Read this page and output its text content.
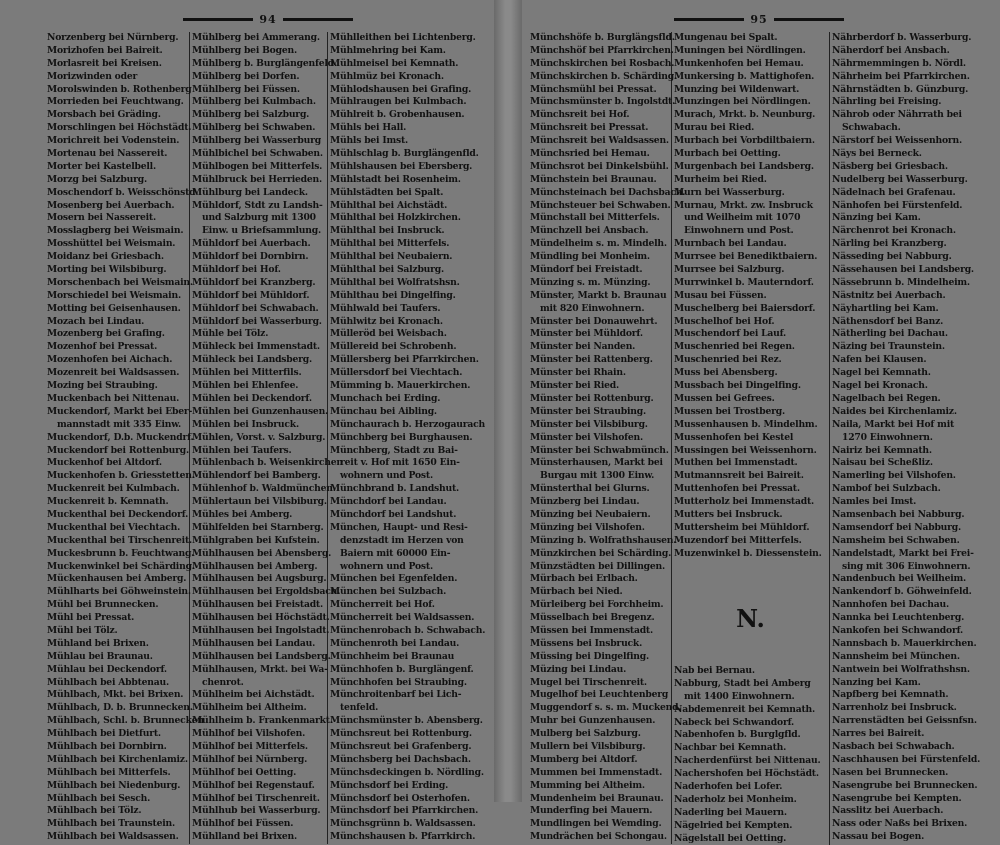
94
Norzenberg bei Nürnberg.
Morizhofen bei Baireit.
Morlasreit bei Kreisen.
Morizwinden oder
Morolswinden b. Rothenberg
Morrieden bei Feuchtwang.
Morsbach bei Gräding.
Morschlingen bei Höchstädt.
Morichreit bei Vodenstein.
Mortenau bei Nassereit.
Morter bei Kastelbell.
Morzg bei Salzburg.
Moschendorf b. Weisschönstd.
Mosenberg bei Auerbach.
Mosern bei Nassereit.
Mosslagberg bei Weismain.
Mosshüttel bei Weismain.
Moidanz bei Griesbach.
Morting bei Wilsbiburg.
Morschenbach bei Weismain.
Morschiedel bei Weismain.
Motting bei Geisenhausen.
Mozach bei Lindau.
Mozenberg bei Grafing.
Mozenhof bei Pressat.
Mozenhofen bei Aichach.
Mozenreit bei Waldsassen.
Mozing bei Straubing.
Muckenbach bei Nittenau.
Muckendorf, Markt bei Eber-
mannstadt mit 335 Einw.
Muckendorf, D.b. Muckendrf.
Muckendorf bei Rottenburg.
Muckenhof bei Altdorf.
Muckenhofen b. Griesstetten.
Muckenreit bei Kulmbach.
Muckenreit b. Kemnath.
Muckenthal bei Deckendorf.
Muckenthal bei Viechtach.
Muckenthal bei Tirschenreit.
Muckesbrunn b. Feuchtwang.
Muckenwinkel bei Schärding.
Mückenhausen bei Amberg.
Mühlharts bei Göhweinstein.
Mühl bei Brunnecken.
Mühl bei Pressat.
Mühl bei Tölz.
Mühland bei Brixen.
Mühlau bei Braunau.
Mühlau bei Deckendorf.
Mühlbach bei Abbtenau.
Mühlbach, Mkt. bei Brixen.
Mühlbach, D. b. Brunnecken.
Mühlbach, Schl. b. Brunnecken
Mühlbach bei Dietfurt.
Mühlbach bei Dornbirn.
Mühlbach bei Kirchenlamiz.
Mühlbach bei Mitterfels.
Mühlbach bei Niedenburg.
Mühlbach bei Sesch.
Mühlbach bei Tölz.
Mühlbach bei Traunstein.
Mühlbach bei Waldsassen.
Mühlberg bei Ammerang.
Mühlberg bei Bogen.
Mühlberg b. Burglängenfeld.
Mühlberg bei Dorfen.
Mühlberg bei Füssen.
Mühlberg bei Kulmbach.
Mühlberg bei Salzburg.
Mühlberg bei Schwaben.
Mühlberg bei Wasserburg
Mühlbichel bei Schwaben.
Mühlbogen bei Mitterfels.
Mühlbruck bei Herrieden.
Mühlburg bei Landeck.
Mühldorf, Stdt zu Landsh-
und Salzburg mit 1300
Einw. u Briefsammlung.
Mühldorf bei Auerbach.
Mühldorf bei Dornbirn.
Mühldorf bei Hof.
Mühldorf bei Kranzberg.
Mühldorf bei Mühldorf.
Mühldorf bei Schwabach.
Mühldorf bei Wasserburg.
Mühle bei Tölz.
Mühleck bei Immenstadt.
Mühleck bei Landsberg.
Mühlen bei Mitterfils.
Mühlen bei Ehlenfee.
Mühlen bei Deckendorf.
Mühlen bei Gunzenhausen.
Mühlen bei Insbruck.
Mühlen, Vorst. v. Salzburg.
Mühlen bei Taufers.
Mühlenbach b. Weisenkirchen
Mühlendorf bei Bamberg.
Mühlenhof b. Waldmünchen.
Mühlertaun bei Vilsbiburg.
Mühles bei Amberg.
Mühlfelden bei Starnberg.
Mühlgraben bei Kufstein.
Mühlhausen bei Abensberg.
Mühlhausen bei Amberg.
Mühlhausen bei Augsburg.
Mühlhausen bei Ergoldsbach.
Mühlhausen bei Freistadt.
Mühlhausen bei Höchstädt.
Mühlhausen bei Ingolstadt.
Mühlhausen bei Landau.
Mühlhausen bei Landsberg.
Mühlhausen, Mrkt. bei Wa-
chenrot.
Mühlheim bei Aichstädt.
Mühlheim bei Altheim.
Mühlheim b. Frankenmarkt.
Mühlhof bei Vilshofen.
Mühlhof bei Mitterfels.
Mühlhof bei Nürnberg.
Mühlhof bei Oetting.
Mühlhof bei Regenstauf.
Mühlhof bei Tirschenreit.
Mühlhub bei Wasserburg.
Mühlhof bei Füssen.
Mühlland bei Brixen.
Mühlleithen bei Lichtenberg.
Mühlmehring bei Kam.
Mühlmeisel bei Kemnath.
Mühlmüz bei Kronach.
Mühlodshausen bei Grafing.
Mühlraugen bei Kulmbach.
Mühlreit b. Grobenhausen.
Mühls bei Hall.
Mühls bei Imst.
Mühlschlag b. Burglängenfld.
Mühlshausen bei Ebersberg.
Mühlstadt bei Rosenheim.
Mühlstädten bei Spalt.
Mühlthal bei Aichstädt.
Mühlthal bei Holzkirchen.
Mühlthal bei Insbruck.
Mühlthal bei Mitterfels.
Mühlthal bei Neubaiern.
Mühlthal bei Salzburg.
Mühlthal bei Wolfratshsn.
Mühlthau bei Dingelfing.
Mühlwald bei Taufers.
Mühlwitz bei Kronach.
Mülleröd bei Weisbach.
Müllereid bei Schrobenh.
Müllersberg bei Pfarrkirchen.
Müllersdorf bei Viechtach.
Mümming b. Mauerkirchen.
Munchach bei Erding.
Münchau bei Aibling.
Münchaurach b. Herzogaurach
Münchberg bei Burghausen.
Münchberg, Stadt zu Bai-
reit v. Hof mit 1650 Ein-
wohnern und Post.
Münchbrand b. Landshut.
Münchdorf bei Landau.
Münchdorf bei Landshut.
München, Haupt- und Resi-
denzstadt im Herzen von
Baiern mit 60000 Ein-
wohnern und Post.
München bei Egenfelden.
München bei Sulzbach.
Müncherreit bei Hof.
Müncherreit bei Waldsassen.
Münchenrobach b. Schwabach.
Münchenroth bei Landau.
Münchheim bei Braunau
Münchhofen b. Burglängenf.
Münchhofen bei Straubing.
Münchroitenbarf bei Lich-
tenfeld.
Münchsmünster b. Abensberg.
Münchsreut bei Rottenburg.
Münchsreut bei Grafenberg.
Münchsberg bei Dachsbach.
Münchsdeckingen b. Nördling.
Münchsdorf bei Erding.
Münchsdorf bei Osterhofen.
Münchsdorf bei Pfarrkirchen.
Münchsgrünn b. Waldsassen.
Münchshausen b. Pfarrkirch.
95
Münchshöfe b. Burglängsfld.
Münchshöf bei Pfarrkirchen.
Münchskirchen bei Rosbach.
Münchskirchen b. Schärding.
Münchsmühl bei Pressat.
Münchsmünster b. Ingolstdt.
Münchsreit bei Hof.
Münchsreit bei Pressat.
Münchsreit bei Waldsassen.
Münchsried bei Hemau.
Münchsrot bei Dinkelsbühl.
Münchstein bei Braunau.
Münchsteinach bei Dachsbach.
Münchsteuer bei Schwaben.
Münchstall bei Mitterfels.
Münchzell bei Ansbach.
Mündelheim s. m. Mindelh.
Mündling bei Monheim.
Mündorf bei Freistadt.
Münzing s. m. Münzing.
Münster, Markt b. Braunau
mit 820 Einwohnern.
Münster bei Donauwehrt.
Münster bei Mühldorf.
Münster bei Nanden.
Münster bei Rattenberg.
Münster bei Rhain.
Münster bei Ried.
Münster bei Rottenburg.
Münster bei Straubing.
Münster bei Vilsbiburg.
Münster bei Vilshofen.
Münster bei Schwabmünch.
Münsterhausen, Markt bei
Burgau mit 1300 Einw.
Münsterthal bei Glurns.
Münzberg bei Lindau.
Münzing bei Neubaiern.
Münzing bei Vilshofen.
Münzing b. Wolfrathshausen.
Münzkirchen bei Schärding.
Münzstädten bei Dillingen.
Mürbach bei Erlbach.
Mürbach bei Nied.
Mürleiberg bei Forchheim.
Müsselbach bei Bregenz.
Müssen bei Immenstadt.
Müssens bei Insbruck.
Müssing bei Dingelfing.
Müzing bei Lindau.
Mugel bei Tirschenreit.
Mugelhof bei Leuchtenberg
Muggendorf s. s. m. Muckend.
Muhr bei Gunzenhausen.
Mulberg bei Salzburg.
Mullern bei Vilsbiburg.
Mumberg bei Altdorf.
Mummen bei Immenstadt.
Mumming bei Altheim.
Mundenheim bei Braunau.
Munderfing bei Mauern.
Mundlingen bei Wemding.
Mundrächen bei Schongau.
Mungenau bei Spalt.
Muningen bei Nördlingen.
Munkenhofen bei Hemau.
Munkersing b. Mattighofen.
Munzing bei Wildenwart.
Munzingen bei Nördlingen.
Murach, Mrkt. b. Neunburg.
Murau bei Ried.
Murbach bei Vorbdiltbaiern.
Murbach bei Oetting.
Murgenbach bei Landsberg.
Murheim bei Ried.
Murn bei Wasserburg.
Murnau, Mrkt. zw. Insbruck
und Weilheim mit 1070
Einwohnern und Post.
Murnbach bei Landau.
Murrsee bei Benediktbaiern.
Murrsee bei Salzburg.
Murrwinkel b. Mauterndorf.
Musau bei Füssen.
Muschelberg bei Baiersdorf.
Muschelhof bei Hof.
Muschendorf bei Lauf.
Muschenried bei Regen.
Muschenried bei Rez.
Muss bei Abensberg.
Mussbach bei Dingelfing.
Mussen bei Gefrees.
Mussen bei Trostberg.
Mussenhausen b. Mindelhm.
Mussenhofen bei Kestel
Mussingen bei Weissenhorn.
Muthen bei Immenstadt.
Mutmannsreit bei Baireit.
Muttenhofen bei Pressat.
Mutterholz bei Immenstadt.
Mutters bei Insbruck.
Muttersheim bei Mühldorf.
Muzendorf bei Mitterfels.
Muzenwinkel b. Diessenstein.
N.
Nab bei Bernau.
Nabburg, Stadt bei Amberg
mit 1400 Einwohnern.
Nabdemenreit bei Kemnath.
Nabeck bei Schwandorf.
Nabenhofen b. Burglgfld.
Nachbar bei Kemnath.
Nacherdenfürst bei Nittenau.
Nachershofen bei Höchstädt.
Naderhofen bei Lofer.
Naderholz bei Monheim.
Naderling bei Mauern.
Nägelried bei Kempten.
Nägelstall bei Oetting.
Nährberdorf b. Wasserburg.
Näherdorf bei Ansbach.
Nährmemmingen b. Nördl.
Nährheim bei Pfarrkirchen.
Nährnstädten b. Günzburg.
Nährling bei Freising.
Nährob oder Nährrath bei
Schwabach.
Närstorf bei Weissenhorn.
Näys bei Berneck.
Näsberg bei Griesbach.
Nudelberg bei Wasserburg.
Nädelnach bei Grafenau.
Nänhofen bei Fürstenfeld.
Nänzing bei Kam.
Närchenrot bei Kronach.
Närling bei Kranzberg.
Nässeding bei Nabburg.
Nässehausen bei Landsberg.
Nässebrunn b. Mindelheim.
Nästnitz bei Auerbach.
Näyhartling bei Kam.
Näthensdorf bei Banz.
Nätherling bei Dachau.
Näzing bei Traunstein.
Nafen bei Klausen.
Nagel bei Kemnath.
Nagel bei Kronach.
Nagelbach bei Regen.
Naides bei Kirchenlamiz.
Naila, Markt bei Hof mit
1270 Einwohnern.
Nairiz bei Kemnath.
Naisau bei Scheßliz.
Namerling bei Vilshofen.
Nambof bei Sulzbach.
Namles bei Imst.
Namsenbach bei Nabburg.
Namsendorf bei Nabburg.
Namsheim bei Schwaben.
Nandelstadt, Markt bei Frei-
sing mit 306 Einwohnern.
Nandenbuch bei Weilheim.
Nankendorf b. Göhweinfeld.
Nannhofen bei Dachau.
Nannka bei Leuchtenberg.
Nankofen bei Schwandorf.
Nannsbach b. Mauerkirchen.
Nannsheim bei München.
Nantwein bei Wolfrathshsn.
Nanzing bei Kam.
Napfberg bei Kemnath.
Narrenholz bei Insbruck.
Narrenstädten bei Geissnfsn.
Narres bei Baireit.
Nasbach bei Schwabach.
Naschhausen bei Fürstenfeld.
Nasen bei Brunnecken.
Nasengrube bei Brunnecken.
Nasengrube bei Kempten.
Nasslitz bei Auerbach.
Nass oder Naßs bei Brixen.
Nassau bei Bogen.
